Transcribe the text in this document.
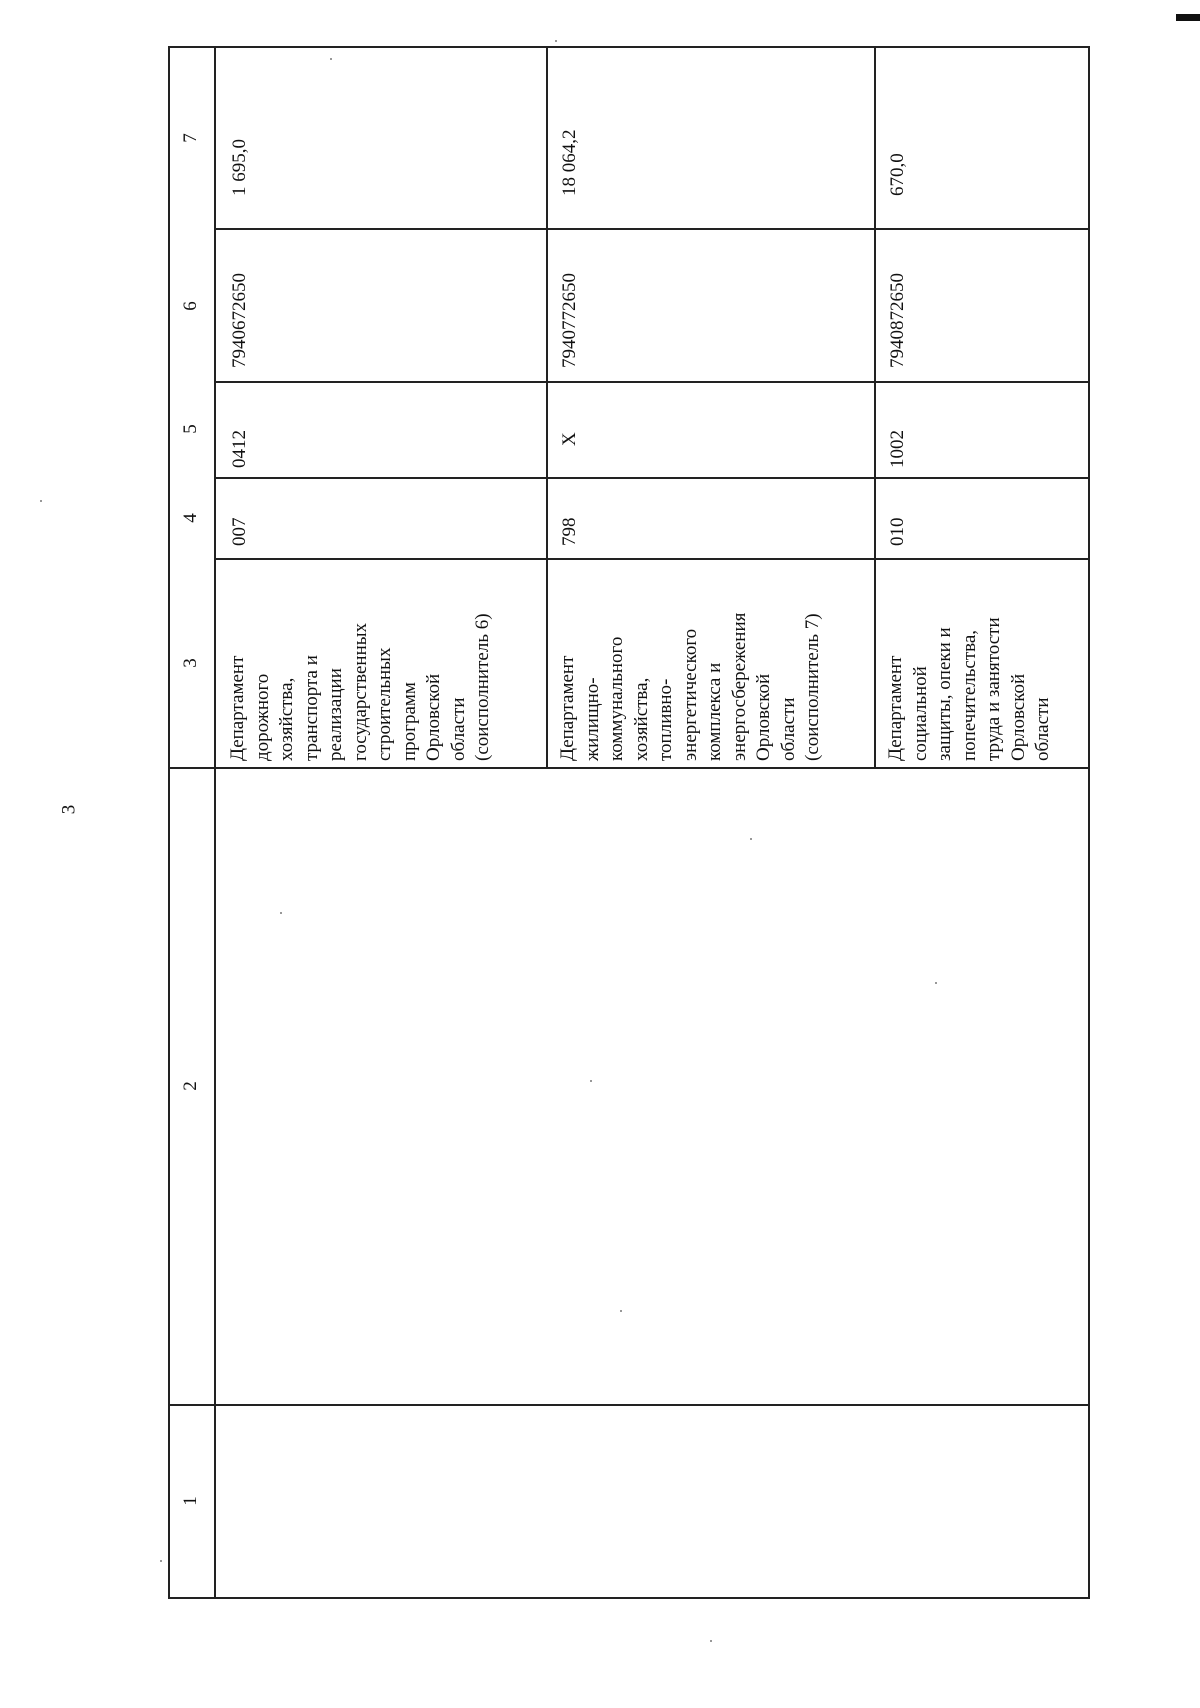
3
7
6
5
4
3
2
1
1 695,0
7940672650
0412
007
Департамент
дорожного
хозяйства,
транспорта и
реализации
государственных
строительных
программ
Орловской
области
(соисполнитель 6)
18 064,2
7940772650
Х
798
Департамент
жилищно-
коммунального
хозяйства,
топливно-
энергетического
комплекса и
энергосбережения
Орловской
области
(соисполнитель 7)
670,0
7940872650
1002
010
Департамент
социальной
защиты, опеки и
попечительства,
труда и занятости
Орловской
области
